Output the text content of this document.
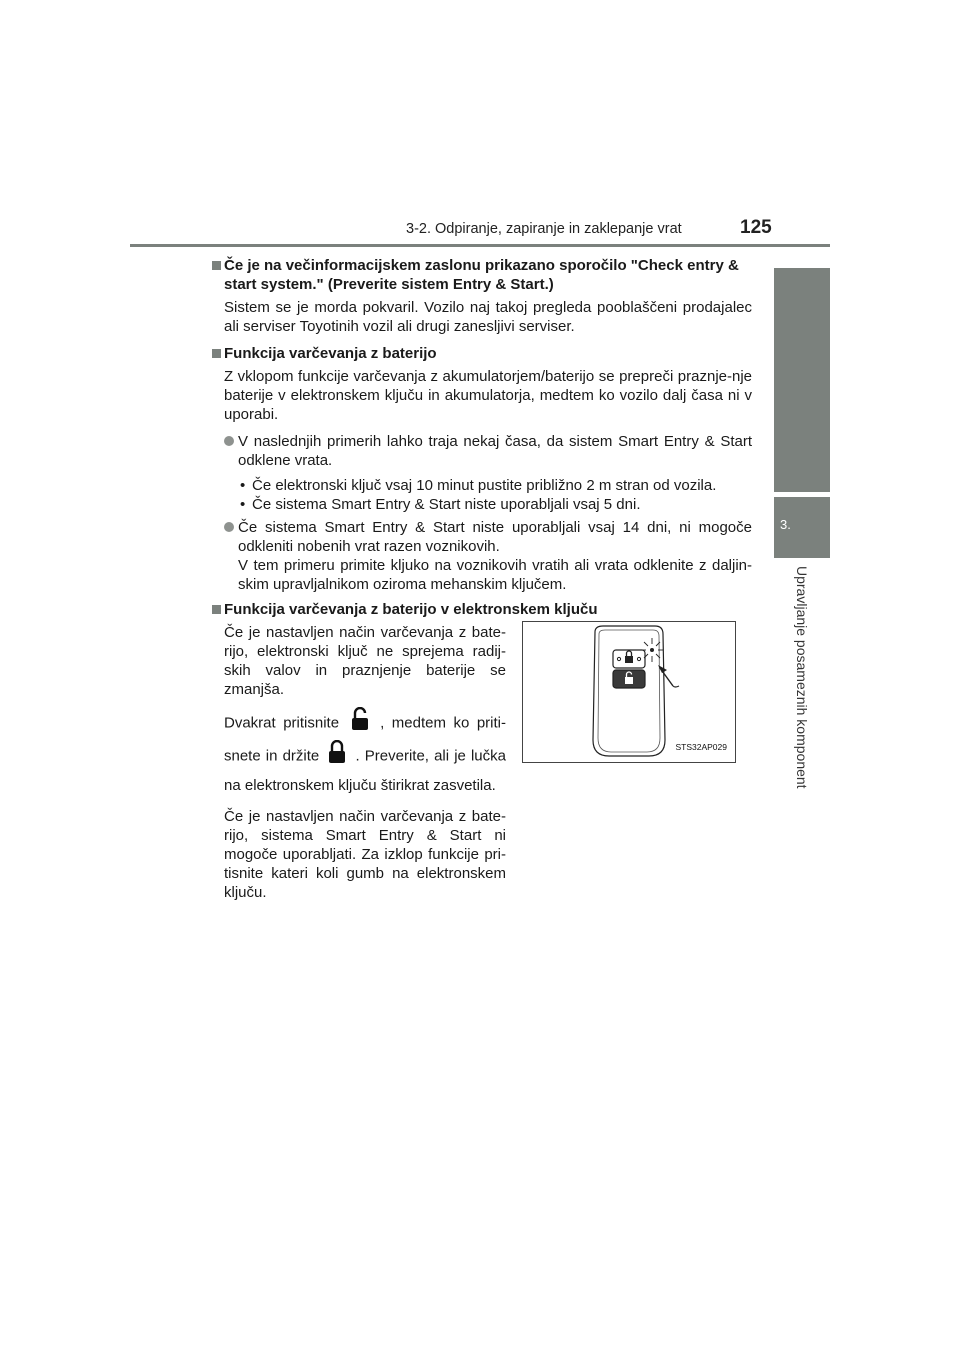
3-2. Odpiranje, zapiranje in zaklepanje vrat	125
3.
Upravljanje posameznih komponent

Če je na večinformacijskem zaslonu prikazano sporočilo "Check entry & start system." (Preverite sistem Entry & Start.)

Sistem se je morda pokvaril. Vozilo naj takoj pregleda pooblaščeni prodajalec ali serviser Toyotinih vozil ali drugi zanesljivi serviser.

Funkcija varčevanja z baterijo

Z vklopom funkcije varčevanja z akumulatorjem/baterijo se prepreči praznje-nje baterije v elektronskem ključu in akumulatorja, medtem ko vozilo dalj časa ni v uporabi.

V naslednjih primerih lahko traja nekaj časa, da sistem Smart Entry & Start odklene vrata.

• Če elektronski ključ vsaj 10 minut pustite približno 2 m stran od vozila.

• Če sistema Smart Entry & Start niste uporabljali vsaj 5 dni.

Če sistema Smart Entry & Start niste uporabljali vsaj 14 dni, ni mogoče odkleniti nobenih vrat razen voznikovih.
V tem primeru primite kljuko na voznikovih vratih ali vrata odklenite z daljin-skim upravljalnikom oziroma mehanskim ključem.

Funkcija varčevanja z baterijo v elektronskem ključu

Če je nastavljen način varčevanja z bate-rijo, elektronski ključ ne sprejema radij-skih valov in praznjenje baterije se zmanjša.

Dvakrat pritisnite	, medtem ko priti-snete in držite . Preverite, ali je lučka na elektronskem ključu štirikrat zasvetila.

Če je nastavljen način varčevanja z bate-rijo, sistema Smart Entry & Start ni mogoče uporabljati. Za izklop funkcije pri-tisnite kateri koli gumb na elektronskem ključu.

STS32AP029
